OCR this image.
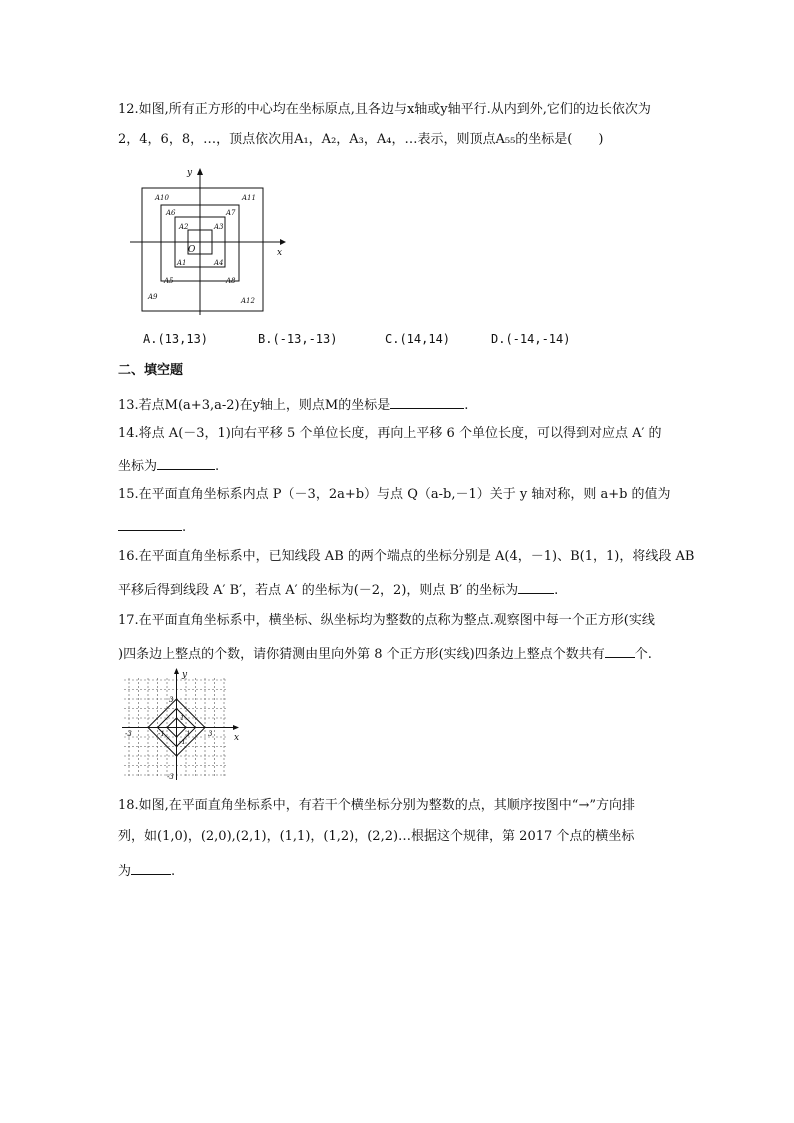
12.如图,所有正方形的中心均在坐标原点,且各边与x轴或y轴平行.从内到外,它们的边长依次为
2，4，6，8，…，顶点依次用A₁，A₂，A₃，A₄，…表示，则顶点A₅₅的坐标是(　　)
x
y
O
A10	A11
A6	A7
A2	A3
A1	A4
A5	A8
A9	A12
A.(13,13)	B.(-13,-13)	C.(14,14)	D.(-14,-14)
二、填空题
13.若点M(a+3,a-2)在y轴上，则点M的坐标是	.
14.将点 A(－3，1)向右平移 5 个单位长度，再向上平移 6 个单位长度，可以得到对应点 A′ 的
坐标为	.
15.在平面直角坐标系内点 P（－3，2a+b）与点 Q（a-b,－1）关于 y 轴对称，则 a+b 的值为
.
16.在平面直角坐标系中，已知线段 AB 的两个端点的坐标分别是 A(4，－1)、B(1，1)，将线段 AB
平移后得到线段 A′ B′，若点 A′ 的坐标为(－2，2)，则点 B′ 的坐标为	.
17.在平面直角坐标系中，横坐标、纵坐标均为整数的点称为整点.观察图中每一个正方形(实线
)四条边上整点的个数，请你猜测由里向外第 8 个正方形(实线)四条边上整点个数共有 个.
x
y
3
-3
3
-3
1
1
-1
-1
18.如图,在平面直角坐标系中，有若干个横坐标分别为整数的点，其顺序按图中“→”方向排
列，如(1,0)，(2,0),(2,1)，(1,1)，(1,2)，(2,2)…根据这个规律，第 2017 个点的横坐标
为	.
